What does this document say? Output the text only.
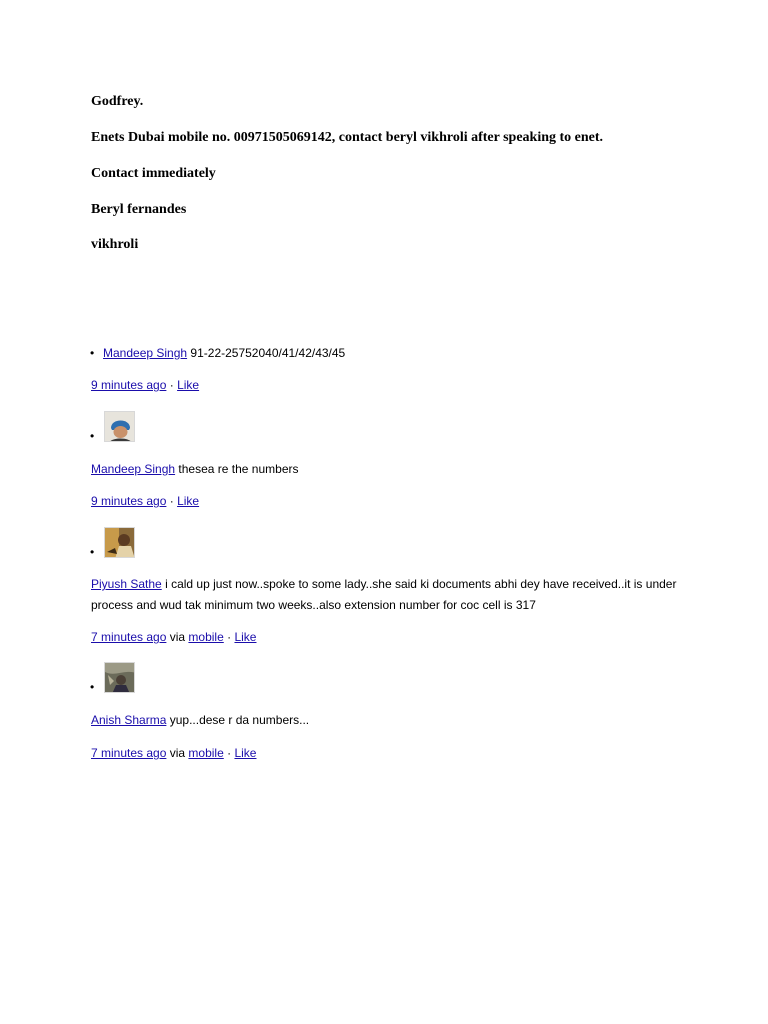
Godfrey.

Enets Dubai mobile no. 00971505069142, contact beryl vikhroli after speaking to enet.

Contact immediately

Beryl fernandes

vikhroli

• Mandeep Singh 91-22-25752040/41/42/43/45
9 minutes ago · Like
•
Mandeep Singh thesea re the numbers
9 minutes ago · Like
•
Piyush Sathe i cald up just now..spoke to some lady..she said ki documents abhi dey have received..it is under process and wud tak minimum two weeks..also extension number for coc cell is 317
7 minutes ago via mobile · Like
•
Anish Sharma yup...dese r da numbers...
7 minutes ago via mobile · Like
